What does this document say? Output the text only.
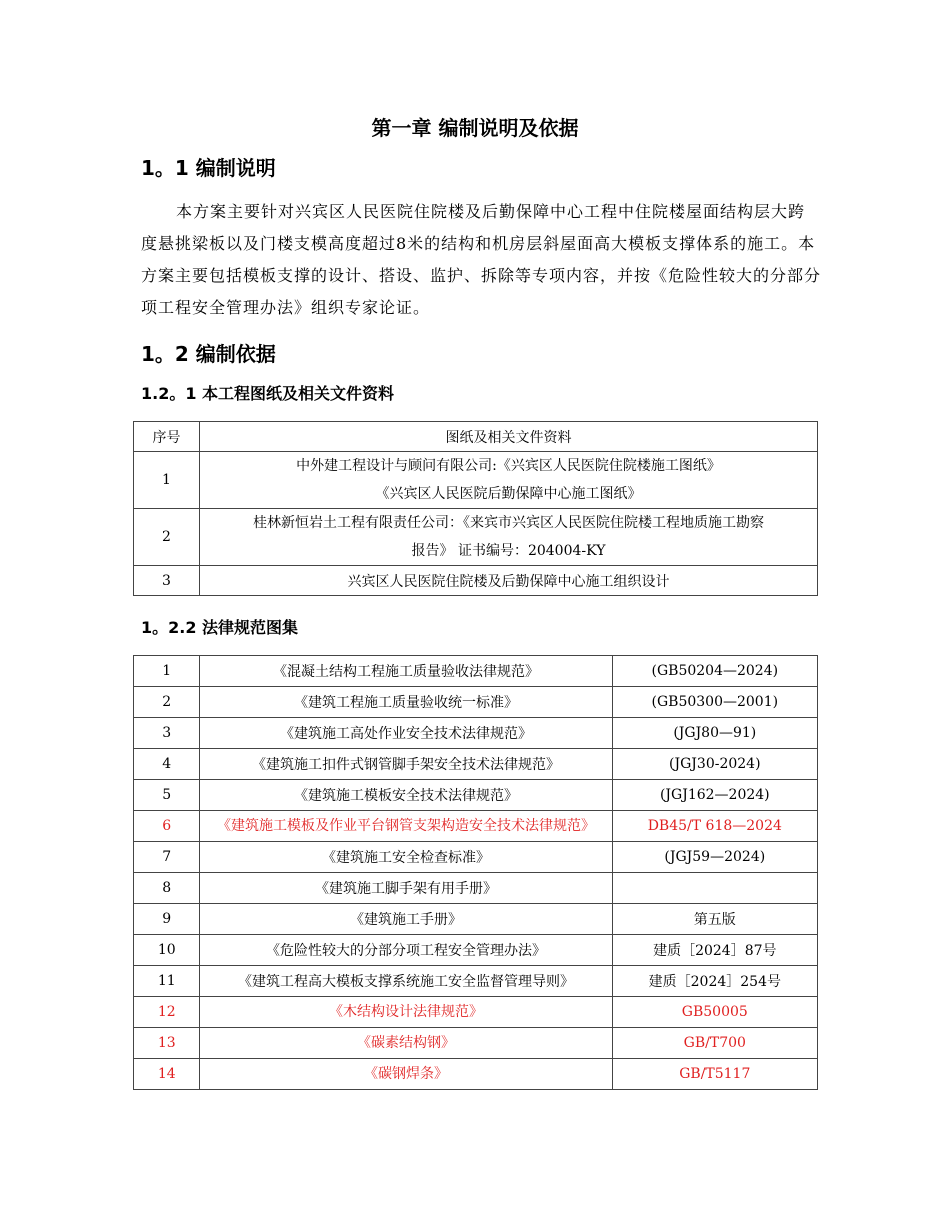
第一章 编制说明及依据
1。1 编制说明
本方案主要针对兴宾区人民医院住院楼及后勤保障中心工程中住院楼屋面结构层大跨度悬挑梁板以及门楼支模高度超过8米的结构和机房层斜屋面高大模板支撑体系的施工。本方案主要包括模板支撑的设计、搭设、监护、拆除等专项内容，并按《危险性较大的分部分项工程安全管理办法》组织专家论证。
1。2 编制依据
1.2。1 本工程图纸及相关文件资料
序号	图纸及相关文件资料
1	中外建工程设计与顾问有限公司:《兴宾区人民医院住院楼施工图纸》
《兴宾区人民医院后勤保障中心施工图纸》

2	桂林新恒岩土工程有限责任公司：《来宾市兴宾区人民医院住院楼工程地质施工勘察
报告》 证书编号：204004-KY

3	兴宾区人民医院住院楼及后勤保障中心施工组织设计
1。2.2 法律规范图集
1	《混凝土结构工程施工质量验收法律规范》	(GB50204—2024)
2	《建筑工程施工质量验收统一标准》	(GB50300—2001)
3	《建筑施工高处作业安全技术法律规范》	(JGJ80—91)
4	《建筑施工扣件式钢管脚手架安全技术法律规范》	(JGJ30-2024)
5	《建筑施工模板安全技术法律规范》	(JGJ162—2024)
6	《建筑施工模板及作业平台钢管支架构造安全技术法律规范》	DB45/T 618—2024
7	《建筑施工安全检查标准》	(JGJ59—2024)
8	《建筑施工脚手架有用手册》	
9	《建筑施工手册》	第五版
10	《危险性较大的分部分项工程安全管理办法》	建质［2024］87号
11	《建筑工程高大模板支撑系统施工安全监督管理导则》	建质［2024］254号
12	《木结构设计法律规范》	GB50005
13	《碳素结构钢》	GB/T700
14	《碳钢焊条》	GB/T5117
